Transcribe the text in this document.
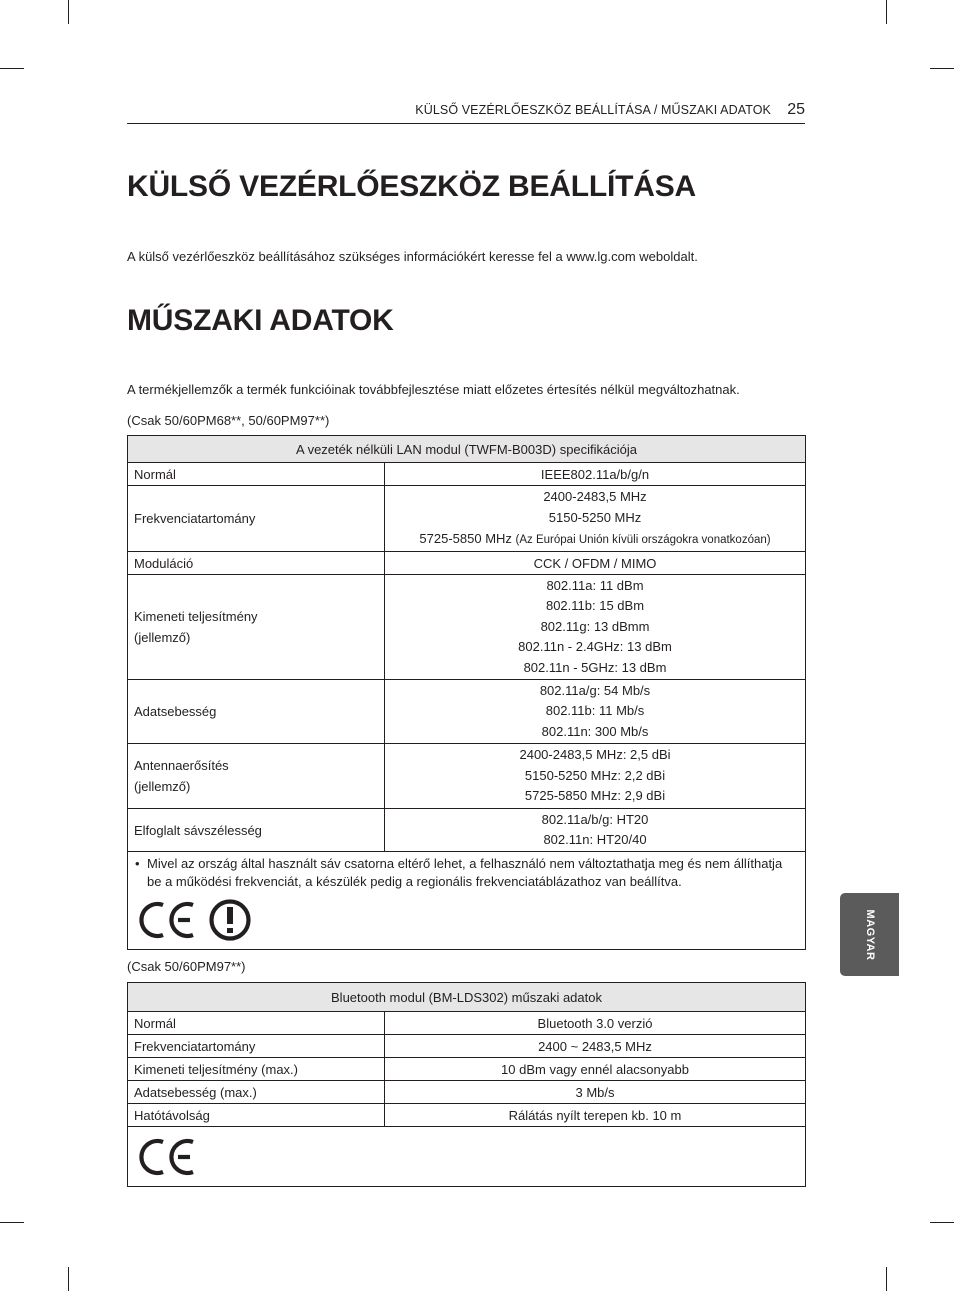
KÜLSŐ VEZÉRLŐESZKÖZ BEÁLLÍTÁSA / MŰSZAKI ADATOK 25
KÜLSŐ VEZÉRLŐESZKÖZ BEÁLLÍTÁSA
A külső vezérlőeszköz beállításához szükséges információkért keresse fel a www.lg.com weboldalt.
MŰSZAKI ADATOK
A termékjellemzők a termék funkcióinak továbbfejlesztése miatt előzetes értesítés nélkül megváltozhatnak.
(Csak 50/60PM68**, 50/60PM97**)
A vezeték nélküli LAN modul (TWFM-B003D) specifikációja	
Normál	IEEE802.11a/b/g/n
Frekvenciatartomány	2400-2483,5 MHz
5150-5250 MHz
5725-5850 MHz (Az Európai Unión kívüli országokra vonatkozóan)

Moduláció	CCK / OFDM / MIMO

Kimeneti teljesítmény
(jellemző)	802.11a: 11 dBm
802.11b: 15 dBm
802.11g: 13 dBmm
802.11n - 2.4GHz: 13 dBm
802.11n - 5GHz: 13 dBm

Adatsebesség	802.11a/g: 54 Mb/s
802.11b: 11 Mb/s
802.11n: 300 Mb/s

Antennaerősítés
(jellemző)	2400-2483,5 MHz: 2,5 dBi
5150-5250 MHz: 2,2 dBi
5725-5850 MHz: 2,9 dBi

Elfoglalt sávszélesség	802.11a/b/g: HT20
802.11n: HT20/40

• Mivel az ország által használt sáv csatorna eltérő lehet, a felhasználó nem változtathatja meg és nem állíthatja be a működési frekvenciát, a készülék pedig a regionális frekvenciatáblázathoz van beállítva.	

(Csak 50/60PM97**)
Bluetooth modul (BM-LDS302) műszaki adatok	
Normál	Bluetooth 3.0 verzió
Frekvenciatartomány	2400 ~ 2483,5 MHz
Kimeneti teljesítmény (max.)	10 dBm vagy ennél alacsonyabb
Adatsebesség (max.)	3 Mb/s
Hatótávolság	Rálátás nyílt terepen kb. 10 m

MAGYAR
